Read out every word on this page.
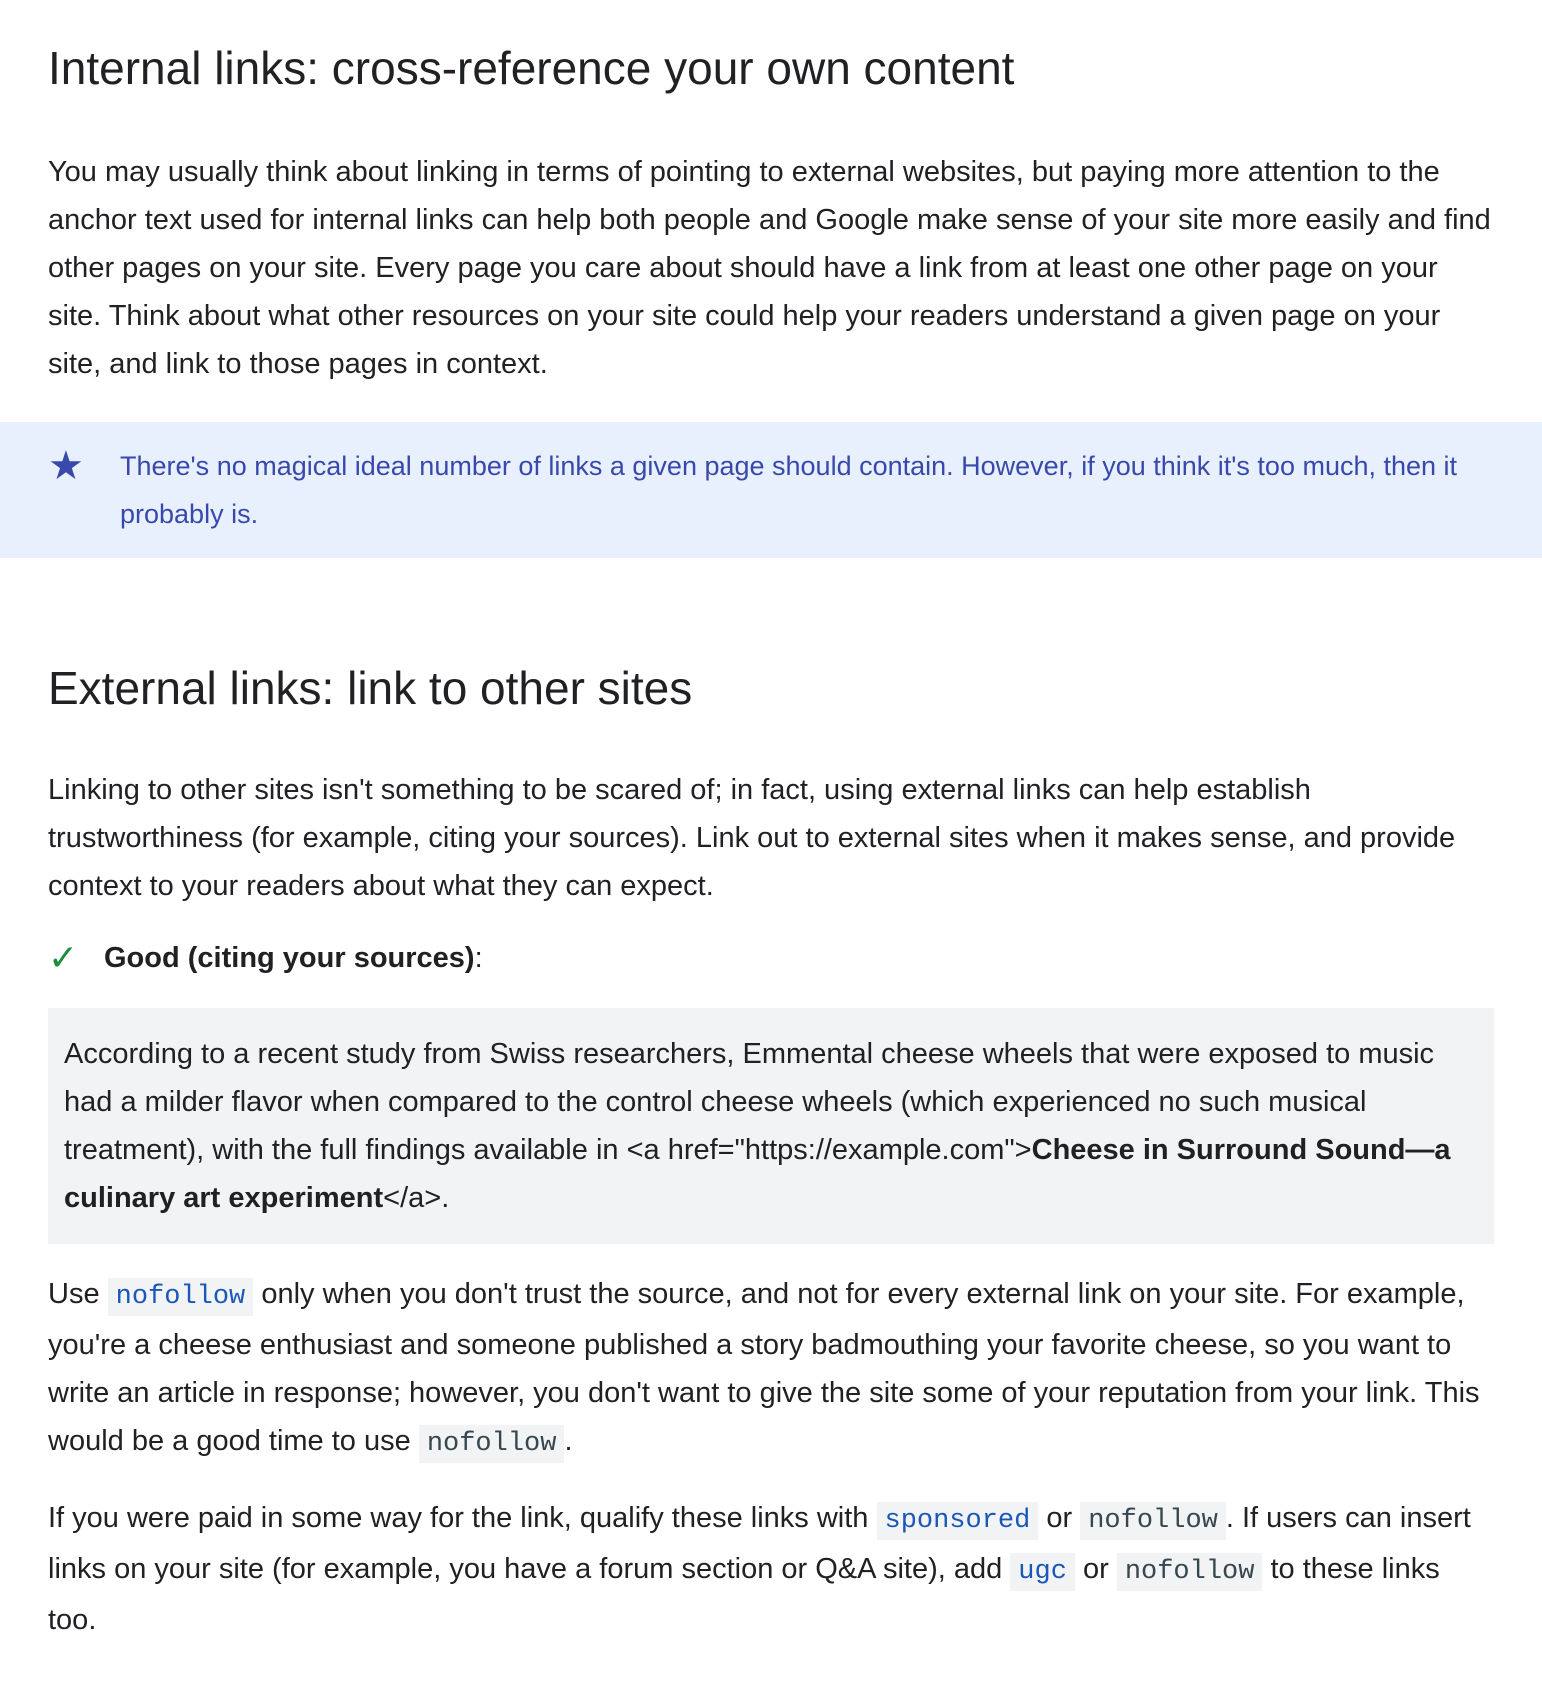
Internal links: cross-reference your own content

You may usually think about linking in terms of pointing to external websites, but paying more attention to the anchor text used for internal links can help both people and Google make sense of your site more easily and find other pages on your site. Every page you care about should have a link from at least one other page on your site. Think about what other resources on your site could help your readers understand a given page on your site, and link to those pages in context.

★	There's no magical ideal number of links a given page should contain. However, if you think it's too much, then it probably is.

External links: link to other sites

Linking to other sites isn't something to be scared of; in fact, using external links can help establish trustworthiness (for example, citing your sources). Link out to external sites when it makes sense, and provide context to your readers about what they can expect.

✓ Good (citing your sources) :

According to a recent study from Swiss researchers, Emmental cheese wheels that were exposed to music had a milder flavor when compared to the control cheese wheels (which experienced no such musical treatment), with the full findings available in <a href="https://example.com">Cheese in Surround Sound—a culinary art experiment</a>.

Use nofollow only when you don't trust the source, and not for every external link on your site. For example, you're a cheese enthusiast and someone published a story badmouthing your favorite cheese, so you want to write an article in response; however, you don't want to give the site some of your reputation from your link. This would be a good time to use nofollow .

If you were paid in some way for the link, qualify these links with sponsored or nofollow . If users can insert links on your site (for example, you have a forum section or Q&A site), add ugc or nofollow to these links too.
